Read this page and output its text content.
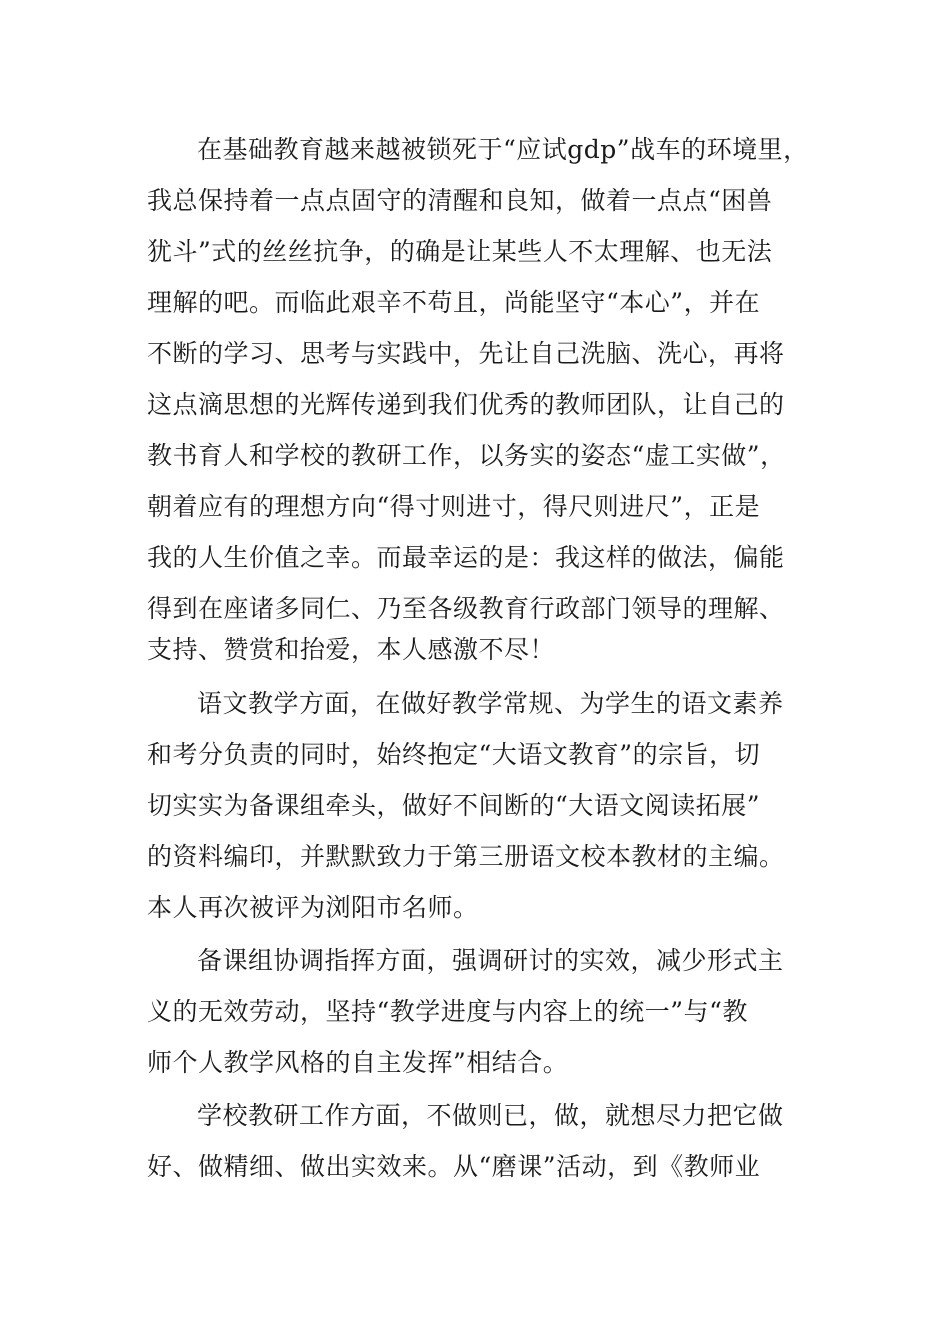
在基础教育越来越被锁死于“应试gdp”战车的环境里，
我总保持着一点点固守的清醒和良知，做着一点点“困兽
犹斗”式的丝丝抗争，的确是让某些人不太理解、也无法
理解的吧。而临此艰辛不苟且，尚能坚守“本心”，并在
不断的学习、思考与实践中，先让自己洗脑、洗心，再将
这点滴思想的光辉传递到我们优秀的教师团队，让自己的
教书育人和学校的教研工作，以务实的姿态“虚工实做”，
朝着应有的理想方向“得寸则进寸，得尺则进尺”，正是
我的人生价值之幸。而最幸运的是：我这样的做法，偏能
得到在座诸多同仁、乃至各级教育行政部门领导的理解、
支持、赞赏和抬爱，本人感激不尽！
语文教学方面，在做好教学常规、为学生的语文素养
和考分负责的同时，始终抱定“大语文教育”的宗旨，切
切实实为备课组牵头，做好不间断的“大语文阅读拓展”
的资料编印，并默默致力于第三册语文校本教材的主编。
本人再次被评为浏阳市名师。
备课组协调指挥方面，强调研讨的实效，减少形式主
义的无效劳动，坚持“教学进度与内容上的统一”与“教
师个人教学风格的自主发挥”相结合。
学校教研工作方面，不做则已，做，就想尽力把它做
好、做精细、做出实效来。从“磨课”活动，到《教师业
